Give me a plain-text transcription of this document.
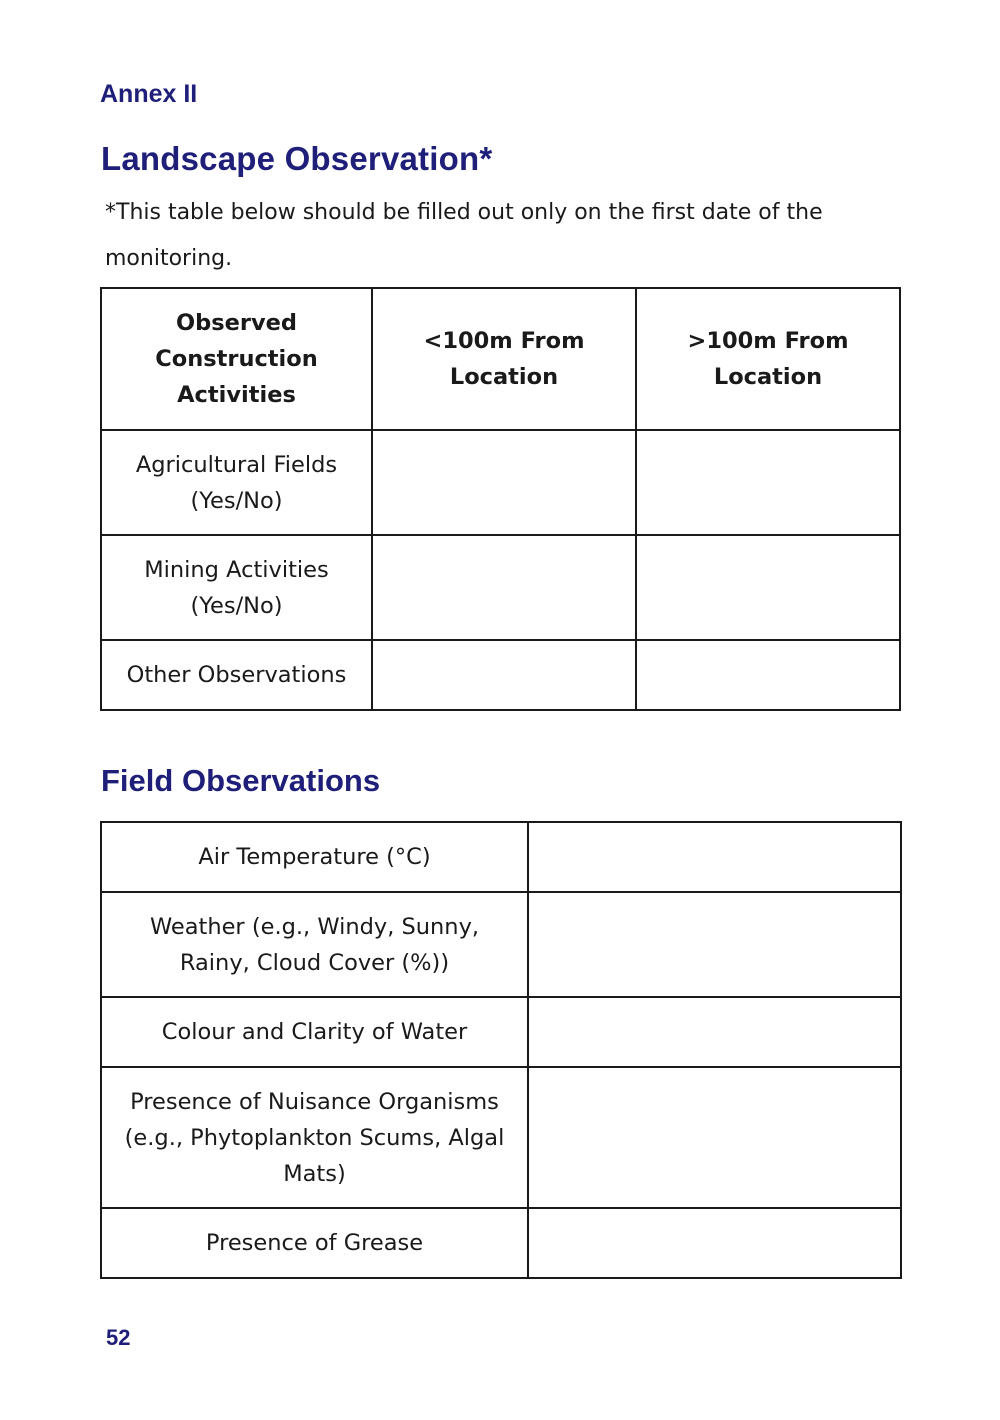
Annex II
Landscape Observation*
*This table below should be filled out only on the first date of the monitoring.
Observed Construction Activities	<100m From Location	>100m From Location
Agricultural Fields (Yes/No)		
Mining Activities (Yes/No)		
Other Observations		
Field Observations
Air Temperature (°C)	
Weather (e.g., Windy, Sunny, Rainy, Cloud Cover (%))	
Colour and Clarity of Water	
Presence of Nuisance Organisms (e.g., Phytoplankton Scums, Algal Mats)	
Presence of Grease	
52
